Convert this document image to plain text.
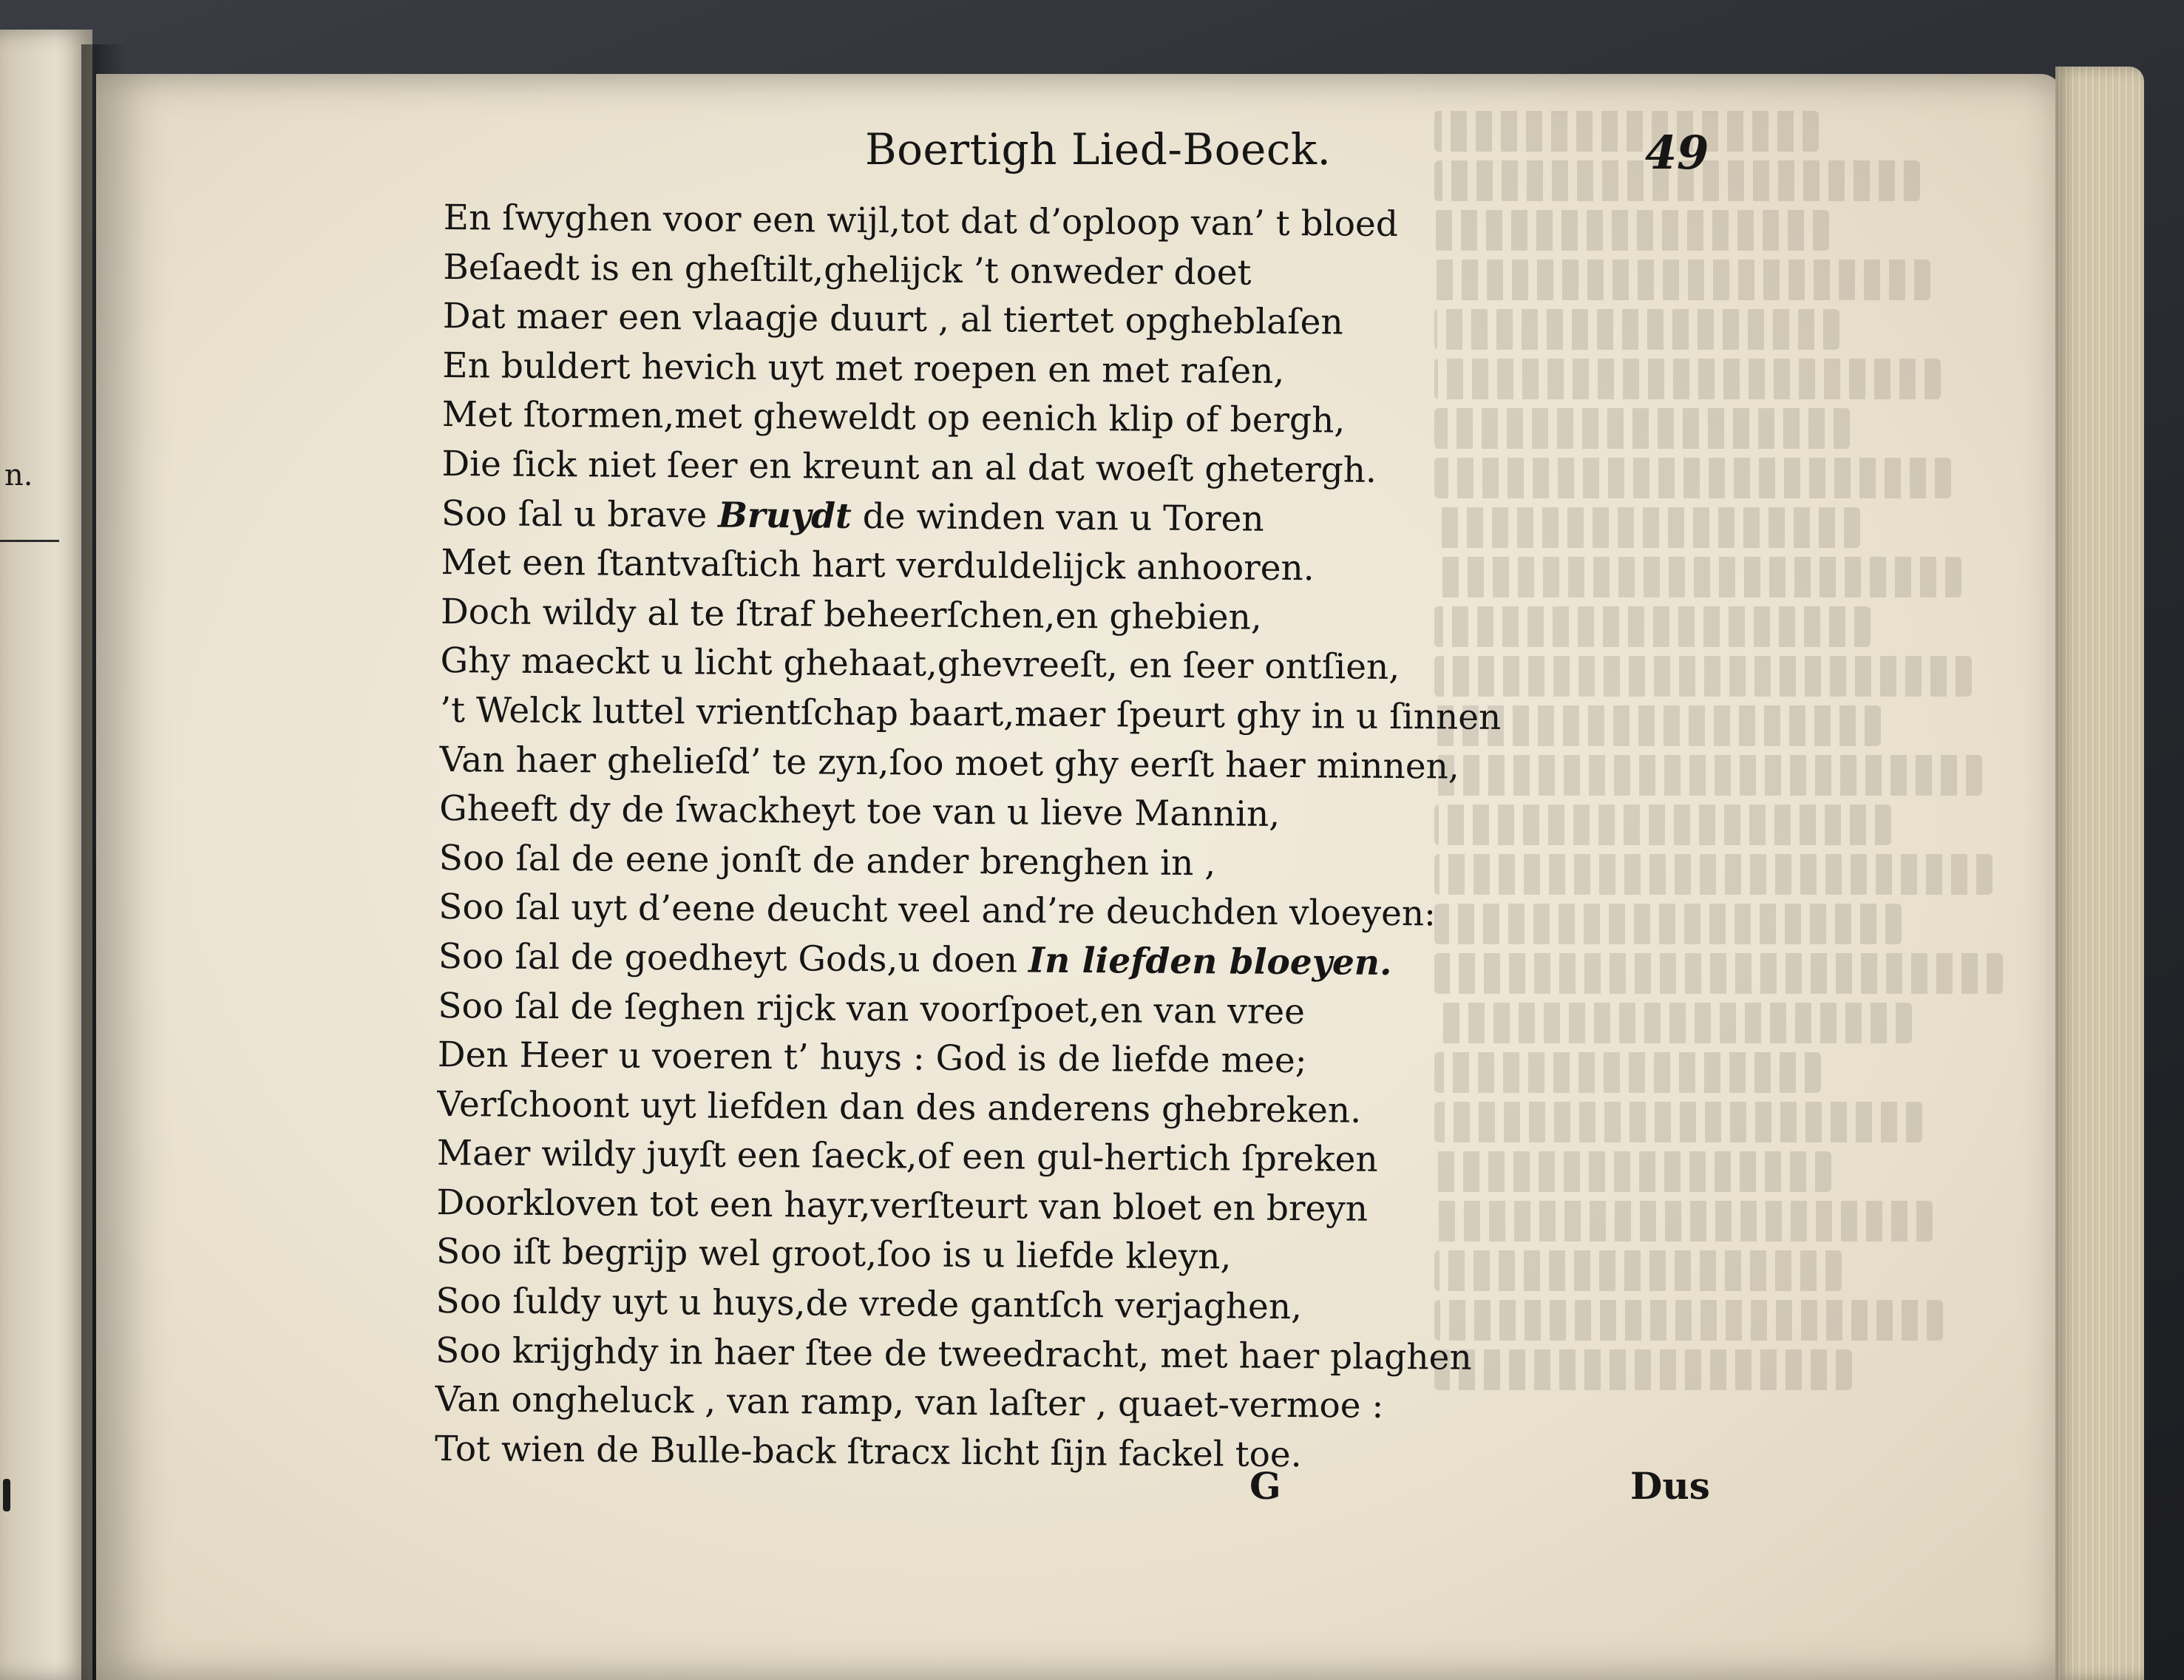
n.
Boertigh Lied-Boeck.	49
En ſwyghen voor een wijl,tot dat d’oploop van’ t bloed
Beſaedt is en gheſtilt,ghelijck ’t onweder doet
Dat maer een vlaagje duurt , al tiertet opgheblaſen
En buldert hevich uyt met roepen en met raſen,
Met ſtormen,met gheweldt op eenich klip of bergh,
Die ſick niet ſeer en kreunt an al dat woeſt ghetergh.
Soo ſal u brave Bruydt de winden van u Toren
Met een ſtantvaſtich hart verduldelijck anhooren.
Doch wildy al te ſtraf beheerſchen,en ghebien,
Ghy maeckt u licht ghehaat,ghevreeſt, en ſeer ontſien,
’t Welck luttel vrientſchap baart,maer ſpeurt ghy in u ſinnen
Van haer ghelieſd’ te zyn,ſoo moet ghy eerſt haer minnen,
Gheeft dy de ſwackheyt toe van u lieve Mannin,
Soo ſal de eene jonſt de ander brenghen in ,
Soo ſal uyt d’eene deucht veel and’re deuchden vloeyen:
Soo ſal de goedheyt Gods,u doen In liefden bloeyen.
Soo ſal de ſeghen rijck van voorſpoet,en van vree
Den Heer u voeren t’ huys : God is de liefde mee;
Verſchoont uyt liefden dan des anderens ghebreken.
Maer wildy juyſt een ſaeck,of een gul-hertich ſpreken
Doorkloven tot een hayr,verſteurt van bloet en breyn
Soo iſt begrijp wel groot,ſoo is u liefde kleyn,
Soo ſuldy uyt u huys,de vrede gantſch verjaghen,
Soo krijghdy in haer ſtee de tweedracht, met haer plaghen
Van ongheluck , van ramp, van laſter , quaet-vermoe :
Tot wien de Bulle-back ſtracx licht ſijn fackel toe.
G	Dus
